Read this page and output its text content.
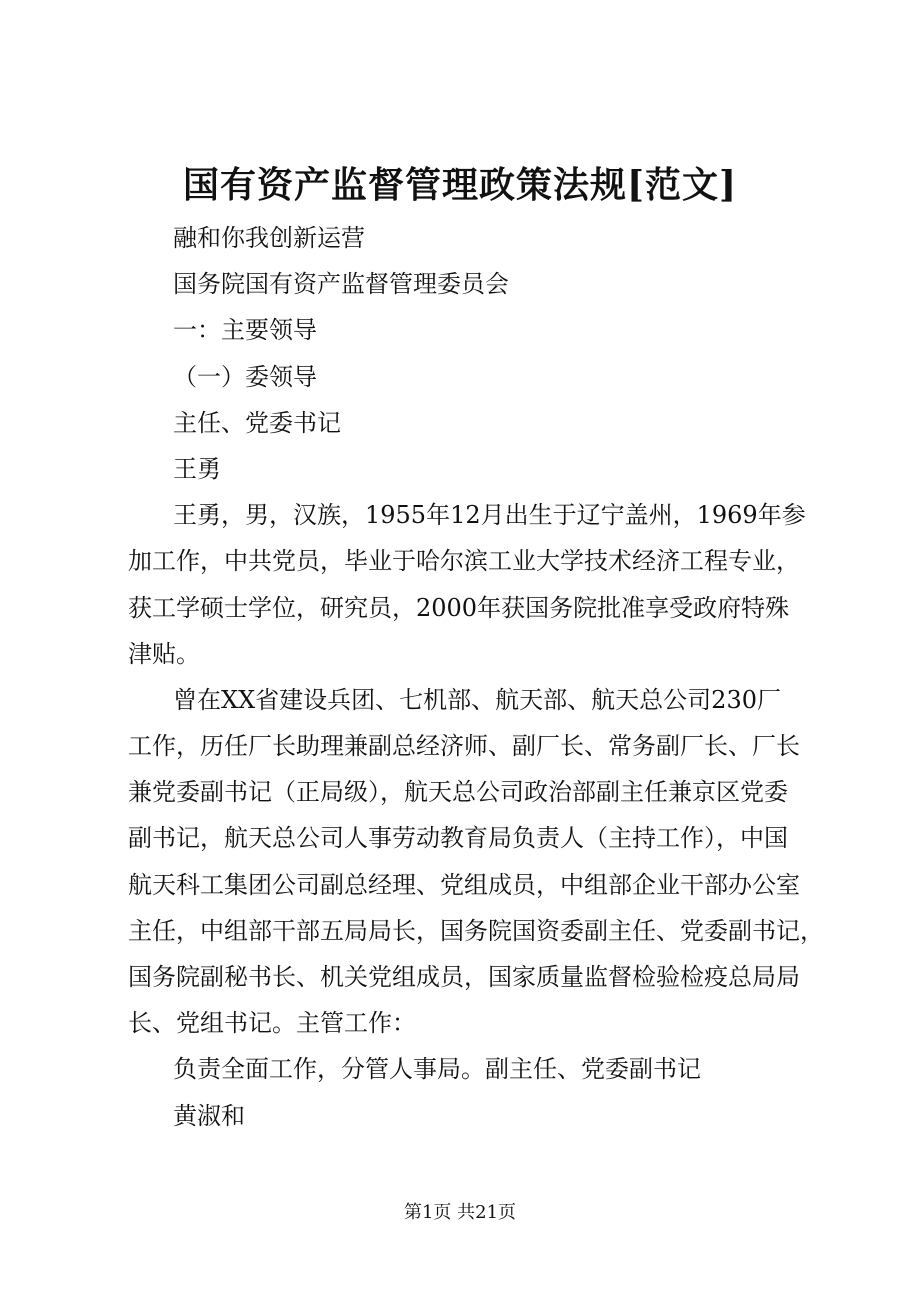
国有资产监督管理政策法规[范文]
融和你我创新运营
国务院国有资产监督管理委员会
一：主要领导
（一）委领导
主任、党委书记
王勇
王勇，男，汉族，1955年12月出生于辽宁盖州，1969年参
加工作，中共党员，毕业于哈尔滨工业大学技术经济工程专业，
获工学硕士学位，研究员，2000年获国务院批准享受政府特殊
津贴。
曾在XX省建设兵团、七机部、航天部、航天总公司230厂
工作，历任厂长助理兼副总经济师、副厂长、常务副厂长、厂长
兼党委副书记（正局级），航天总公司政治部副主任兼京区党委
副书记，航天总公司人事劳动教育局负责人（主持工作），中国
航天科工集团公司副总经理、党组成员，中组部企业干部办公室
主任，中组部干部五局局长，国务院国资委副主任、党委副书记，
国务院副秘书长、机关党组成员，国家质量监督检验检疫总局局
长、党组书记。主管工作：
负责全面工作，分管人事局。副主任、党委副书记
黄淑和
第1页 共21页
